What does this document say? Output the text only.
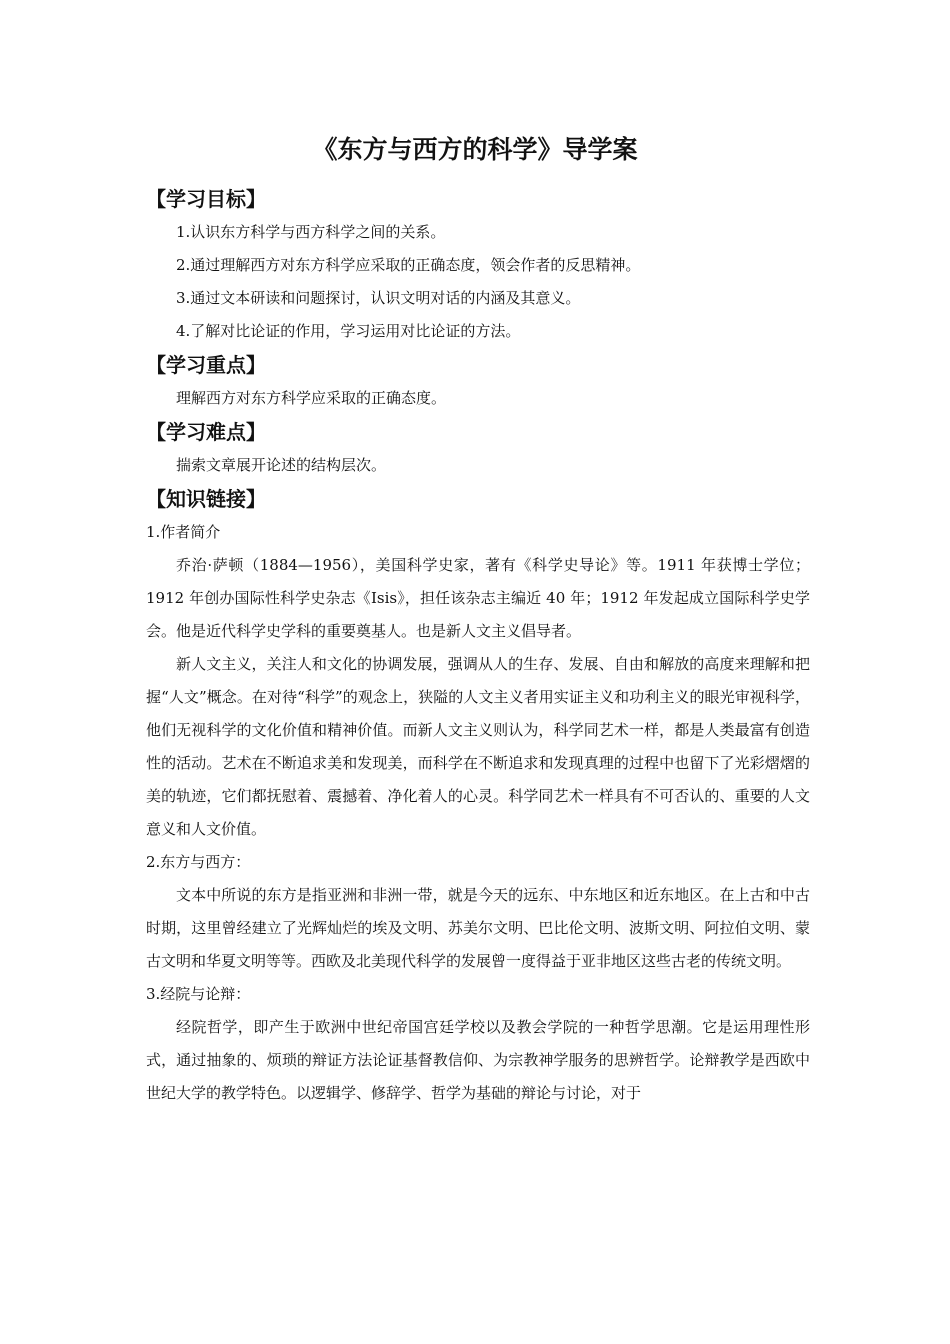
《东方与西方的科学》导学案
【学习目标】

1.认识东方科学与西方科学之间的关系。

2.通过理解西方对东方科学应采取的正确态度，领会作者的反思精神。

3.通过文本研读和问题探讨，认识文明对话的内涵及其意义。

4.了解对比论证的作用，学习运用对比论证的方法。

【学习重点】

理解西方对东方科学应采取的正确态度。

【学习难点】

揣索文章展开论述的结构层次。

【知识链接】

1.作者简介

乔治·萨顿（1884—1956），美国科学史家，著有《科学史导论》等。1911 年获博士学位；1912 年创办国际性科学史杂志《Isis》，担任该杂志主编近 40 年；1912 年发起成立国际科学史学会。他是近代科学史学科的重要奠基人。也是新人文主义倡导者。

新人文主义，关注人和文化的协调发展，强调从人的生存、发展、自由和解放的高度来理解和把握“人文”概念。在对待“科学”的观念上，狭隘的人文主义者用实证主义和功利主义的眼光审视科学，他们无视科学的文化价值和精神价值。而新人文主义则认为，科学同艺术一样，都是人类最富有创造性的活动。艺术在不断追求美和发现美，而科学在不断追求和发现真理的过程中也留下了光彩熠熠的美的轨迹，它们都抚慰着、震撼着、净化着人的心灵。科学同艺术一样具有不可否认的、重要的人文意义和人文价值。

2.东方与西方：

文本中所说的东方是指亚洲和非洲一带，就是今天的远东、中东地区和近东地区。在上古和中古时期，这里曾经建立了光辉灿烂的埃及文明、苏美尔文明、巴比伦文明、波斯文明、阿拉伯文明、蒙古文明和华夏文明等等。西欧及北美现代科学的发展曾一度得益于亚非地区这些古老的传统文明。

3.经院与论辩：

经院哲学，即产生于欧洲中世纪帝国宫廷学校以及教会学院的一种哲学思潮。它是运用理性形式，通过抽象的、烦琐的辩证方法论证基督教信仰、为宗教神学服务的思辨哲学。论辩教学是西欧中世纪大学的教学特色。以逻辑学、修辞学、哲学为基础的辩论与讨论，对于
